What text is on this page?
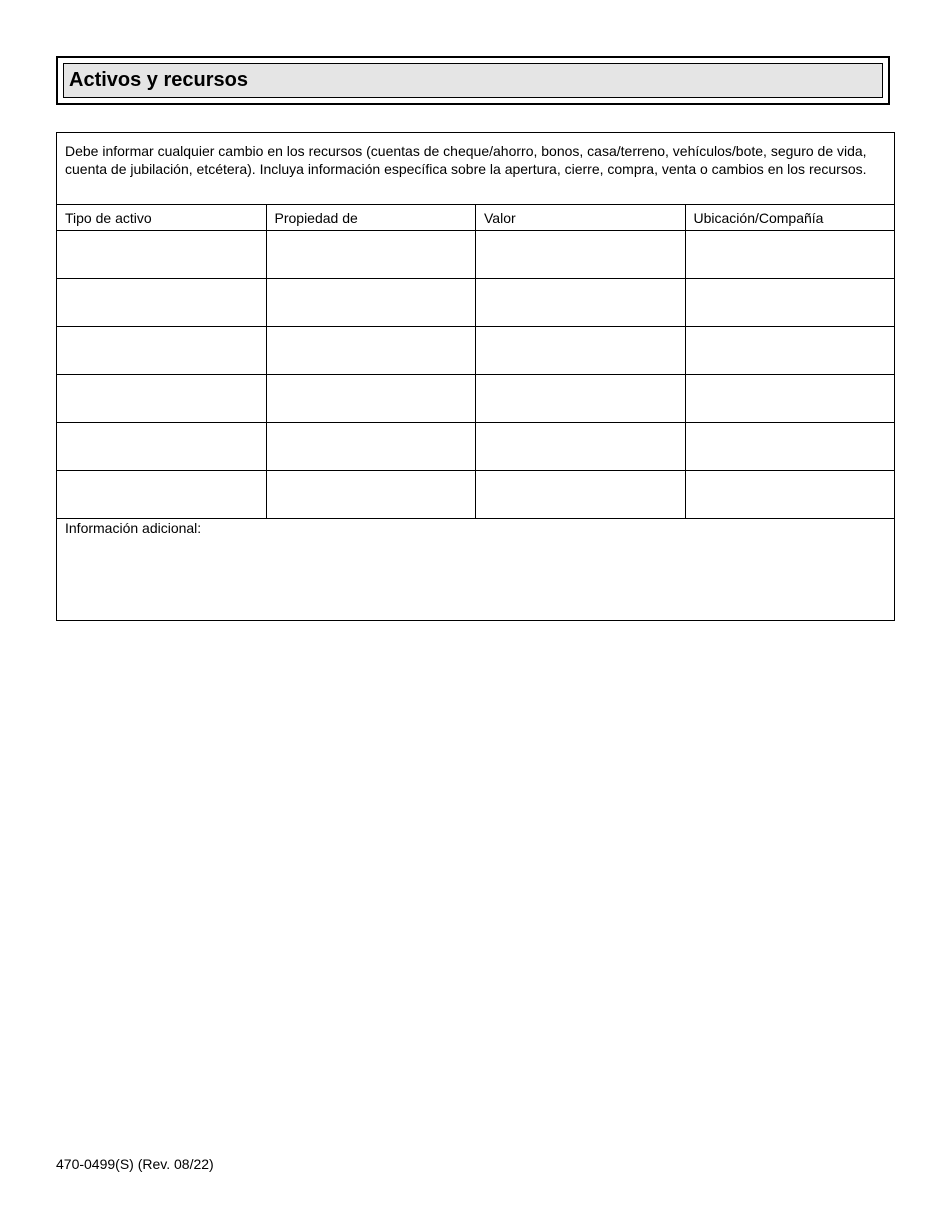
Activos y recursos
Debe informar cualquier cambio en los recursos (cuentas de cheque/ahorro, bonos, casa/terreno, vehículos/bote, seguro de vida, cuenta de jubilación, etcétera). Incluya información específica sobre la apertura, cierre, compra, venta o cambios en los recursos.			
Tipo de activo	Propiedad de	Valor	Ubicación/Compañía

Información adicional:			
470-0499(S) (Rev. 08/22)
